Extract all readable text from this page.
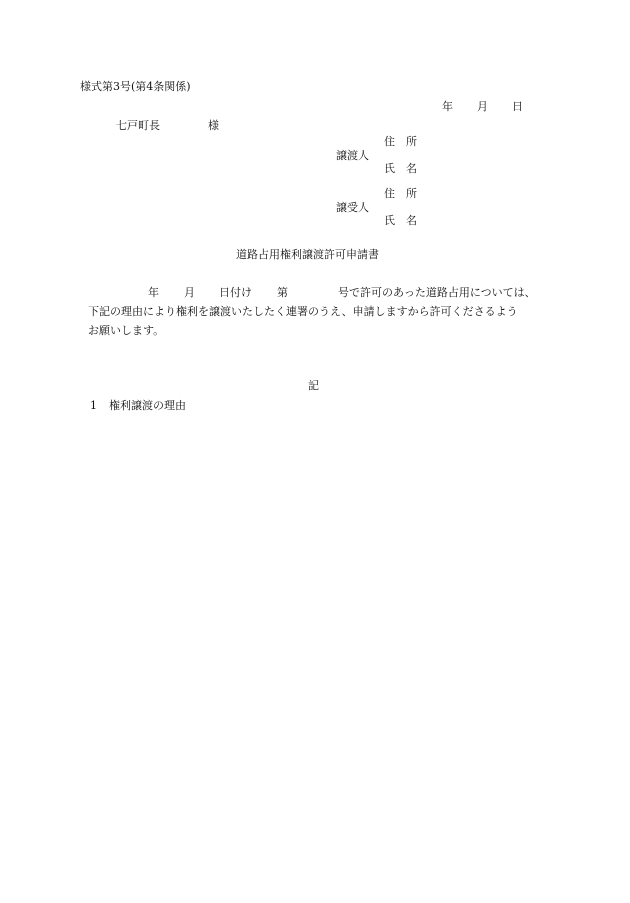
様式第3号(第4条関係)
年 月 日
七戸町長	様
住　所
譲渡人
氏　名
住　所
譲受人
氏　名
道路占用権利譲渡許可申請書
年 月 日付け 第	号で許可のあった道路占用については、
下記の理由により権利を譲渡いたしたく連署のうえ、申請しますから許可くださるよう
お願いします。
記
1 権利譲渡の理由
